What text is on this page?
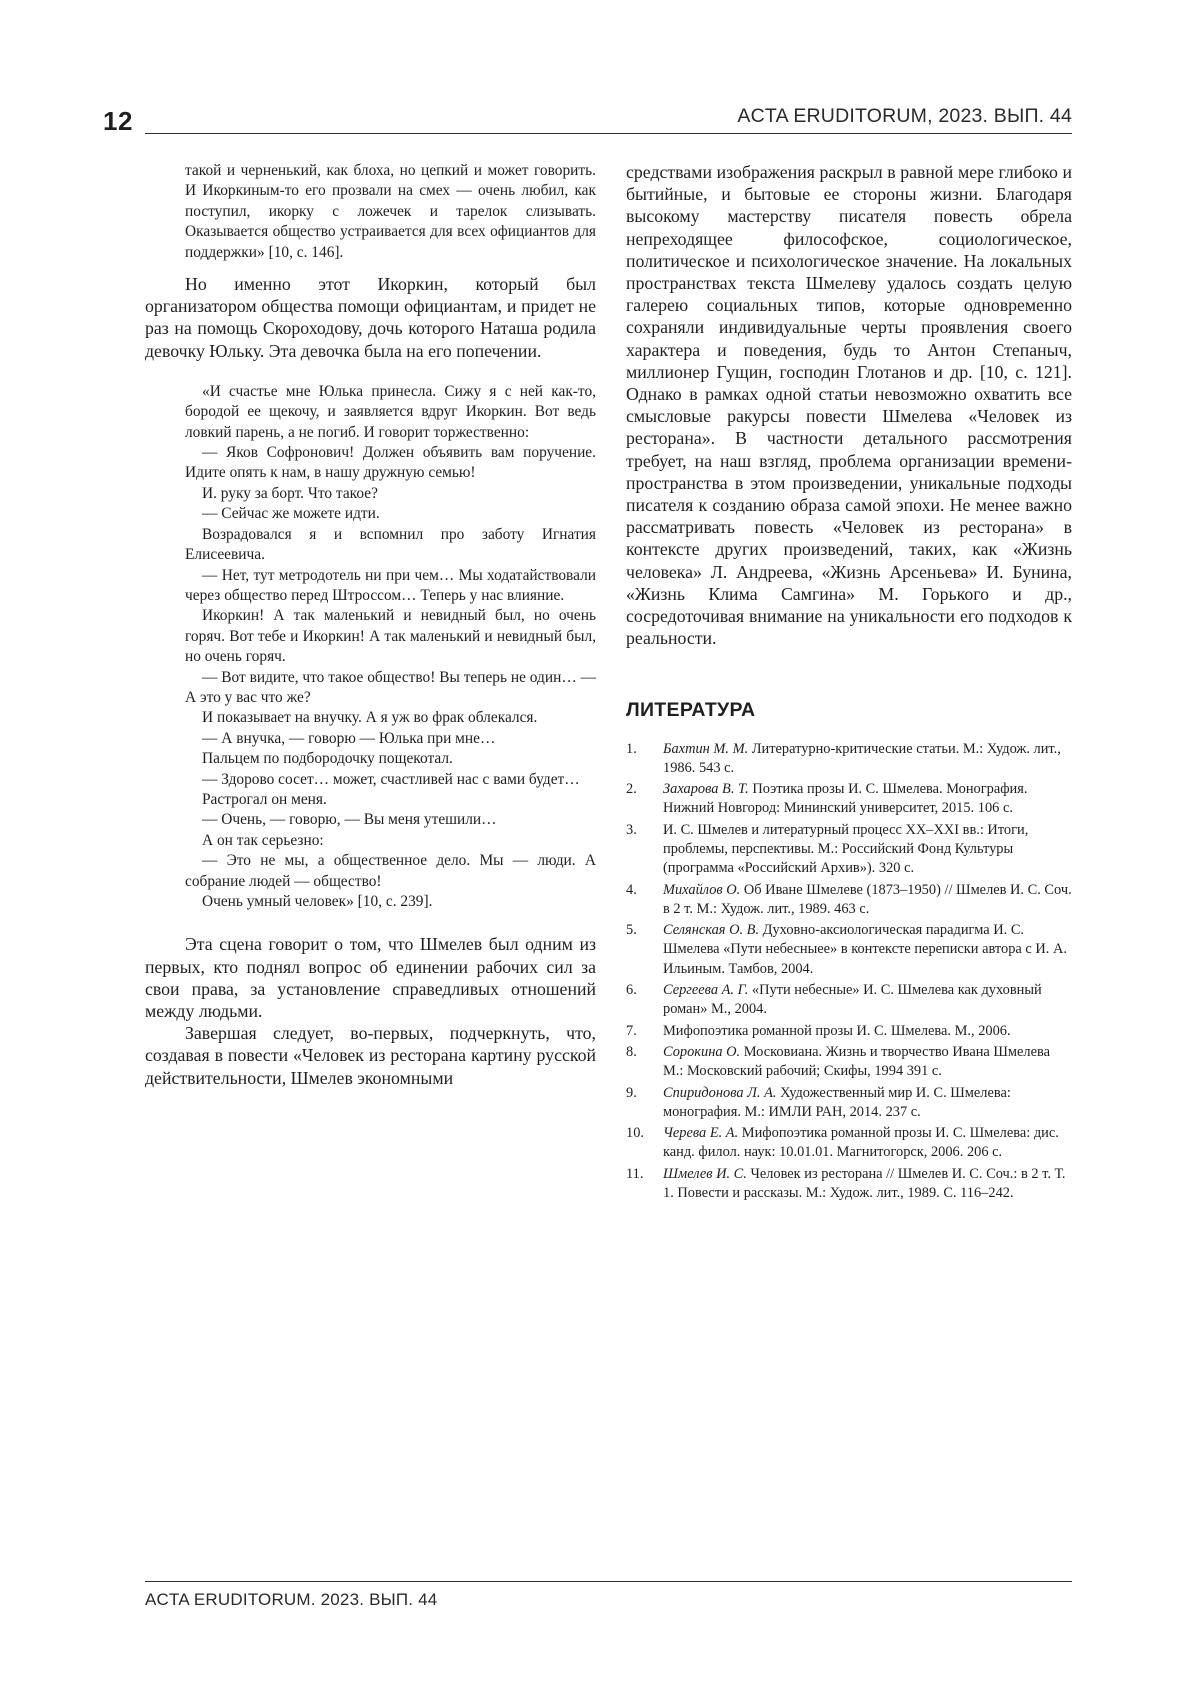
12	ACTA ERUDITORUM, 2023. ВЫП. 44

такой и черненький, как блоха, но цепкий и может говорить. И Икоркиным-то его прозвали на смех — очень любил, как поступил, икорку с ложечек и тарелок слизывать. Оказывается общество устраивается для всех официантов для поддержки» [10, с. 146].

Но именно этот Икоркин, который был организатором общества помощи официантам, и придет не раз на помощь Скороходову, дочь которого Наташа родила девочку Юльку. Эта девочка была на его попечении.

«И счастье мне Юлька принесла. Сижу я с ней как-то, бородой ее щекочу, и заявляется вдруг Икоркин. Вот ведь ловкий парень, а не погиб. И говорит торжественно:

— Яков Софронович! Должен объявить вам поручение. Идите опять к нам, в нашу дружную семью!

И. руку за борт. Что такое?

— Сейчас же можете идти.

Возрадовался я и вспомнил про заботу Игнатия Елисеевича.

— Нет, тут метродотель ни при чем… Мы ходатайствовали через общество перед Штроссом… Теперь у нас влияние.

Икоркин! А так маленький и невидный был, но очень горяч. Вот тебе и Икоркин! А так маленький и невидный был, но очень горяч.

— Вот видите, что такое общество! Вы теперь не один… — А это у вас что же?

И показывает на внучку. А я уж во фрак облекался.

— А внучка, — говорю — Юлька при мне…

Пальцем по подбородочку пощекотал.

— Здорово сосет… может, счастливей нас с вами будет…

Растрогал он меня.

— Очень, — говорю, — Вы меня утешили…

А он так серьезно:

— Это не мы, а общественное дело. Мы — люди. А собрание людей — общество!

Очень умный человек» [10, с. 239].

Эта сцена говорит о том, что Шмелев был одним из первых, кто поднял вопрос об единении рабочих сил за свои права, за установление справедливых отношений между людьми.

Завершая следует, во-первых, подчеркнуть, что, создавая в повести «Человек из ресторана картину русской действительности, Шмелев экономными

средствами изображения раскрыл в равной мере глибоко и бытийные, и бытовые ее стороны жизни. Благодаря высокому мастерству писателя повесть обрела непреходящее философское, социологическое, политическое и психологическое значение. На локальных пространствах текста Шмелеву удалось создать целую галерею социальных типов, которые одновременно сохраняли индивидуальные черты проявления своего характера и поведения, будь то Антон Степаныч, миллионер Гущин, господин Глотанов и др. [10, с. 121]. Однако в рамках одной статьи невозможно охватить все смысловые ракурсы повести Шмелева «Человек из ресторана». В частности детального рассмотрения требует, на наш взгляд, проблема организации временипространства в этом произведении, уникальные подходы писателя к созданию образа самой эпохи. Не менее важно рассматривать повесть «Человек из ресторана» в контексте других произведений, таких, как «Жизнь человека» Л. Андреева, «Жизнь Арсеньева» И. Бунина, «Жизнь Клима Самгина» М. Горького и др., сосредоточивая внимание на уникальности его подходов к реальности.

ЛИТЕРАТУРА
1. Бахтин М. М. Литературно-критические статьи. М.: Худож. лит., 1986. 543 с.
2. Захарова В. Т. Поэтика прозы И. С. Шмелева. Монография. Нижний Новгород: Мининский университет, 2015. 106 с.
3. И. С. Шмелев и литературный процесс XX–XXI вв.: Итоги, проблемы, перспективы. М.: Российский Фонд Культуры (программа «Российский Архив»). 320 с.
4. Михайлов О. Об Иване Шмелеве (1873–1950) // Шмелев И. С. Соч. в 2 т. М.: Худож. лит., 1989. 463 с.
5. Селянская О. В. Духовно-аксиологическая парадигма И. С. Шмелева «Пути небесныее» в контексте переписки автора с И. А. Ильиным. Тамбов, 2004.
6. Сергеева А. Г. «Пути небесные» И. С. Шмелева как духовный роман» М., 2004.
7. Мифопоэтика романной прозы И. С. Шмелева. М., 2006.
8. Сорокина О. Московиана. Жизнь и творчество Ивана Шмелева М.: Московский рабочий; Скифы, 1994 391 с.
9. Спиридонова Л. А. Художественный мир И. С. Шмелева: монография. М.: ИМЛИ РАН, 2014. 237 с.
10. Черева Е. А. Мифопоэтика романной прозы И. С. Шмелева: дис. канд. филол. наук: 10.01.01. Магнитогорск, 2006. 206 с.
11. Шмелев И. С. Человек из ресторана // Шмелев И. С. Соч.: в 2 т. Т. 1. Повести и рассказы. М.: Худож. лит., 1989. С. 116–242.
ACTA ERUDITORUM. 2023. ВЫП. 44
